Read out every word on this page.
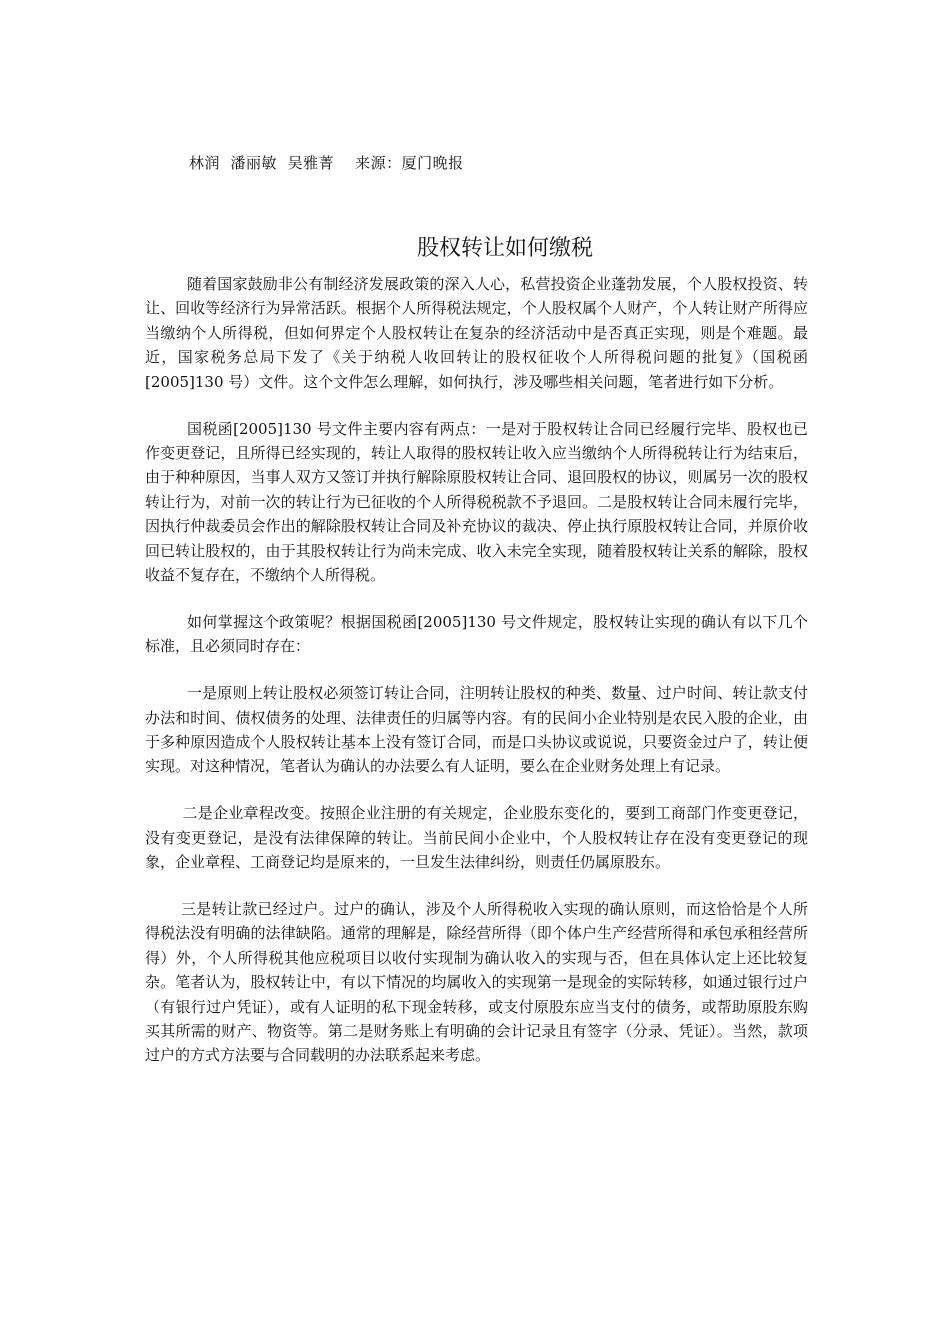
林润  潘丽敏  吴雅菁    来源：厦门晚报
股权转让如何缴税

随着国家鼓励非公有制经济发展政策的深入人心，私营投资企业蓬勃发展，个人股权投资、转让、回收等经济行为异常活跃。根据个人所得税法规定，个人股权属个人财产，个人转让财产所得应当缴纳个人所得税，但如何界定个人股权转让在复杂的经济活动中是否真正实现，则是个难题。最近，国家税务总局下发了《关于纳税人收回转让的股权征收个人所得税问题的批复》（国税函[2005]130 号）文件。这个文件怎么理解，如何执行，涉及哪些相关问题，笔者进行如下分析。

国税函[2005]130 号文件主要内容有两点：一是对于股权转让合同已经履行完毕、股权也已作变更登记，且所得已经实现的，转让人取得的股权转让收入应当缴纳个人所得税转让行为结束后，由于种种原因，当事人双方又签订并执行解除原股权转让合同、退回股权的协议，则属另一次的股权转让行为，对前一次的转让行为已征收的个人所得税税款不予退回。二是股权转让合同未履行完毕，因执行仲裁委员会作出的解除股权转让合同及补充协议的裁决、停止执行原股权转让合同，并原价收回已转让股权的，由于其股权转让行为尚未完成、收入未完全实现，随着股权转让关系的解除，股权收益不复存在，不缴纳个人所得税。

如何掌握这个政策呢？根据国税函[2005]130 号文件规定，股权转让实现的确认有以下几个标准，且必须同时存在：

一是原则上转让股权必须签订转让合同，注明转让股权的种类、数量、过户时间、转让款支付办法和时间、债权债务的处理、法律责任的归属等内容。有的民间小企业特别是农民入股的企业，由于多种原因造成个人股权转让基本上没有签订合同，而是口头协议或说说，只要资金过户了，转让便实现。对这种情况，笔者认为确认的办法要么有人证明，要么在企业财务处理上有记录。

二是企业章程改变。按照企业注册的有关规定，企业股东变化的，要到工商部门作变更登记，没有变更登记，是没有法律保障的转让。当前民间小企业中，个人股权转让存在没有变更登记的现象，企业章程、工商登记均是原来的，一旦发生法律纠纷，则责任仍属原股东。

三是转让款已经过户。过户的确认，涉及个人所得税收入实现的确认原则，而这恰恰是个人所得税法没有明确的法律缺陷。通常的理解是，除经营所得（即个体户生产经营所得和承包承租经营所得）外，个人所得税其他应税项目以收付实现制为确认收入的实现与否，但在具体认定上还比较复杂。笔者认为，股权转让中，有以下情况的均属收入的实现第一是现金的实际转移，如通过银行过户（有银行过户凭证），或有人证明的私下现金转移，或支付原股东应当支付的债务，或帮助原股东购买其所需的财产、物资等。第二是财务账上有明确的会计记录且有签字（分录、凭证）。当然，款项过户的方式方法要与合同载明的办法联系起来考虑。
